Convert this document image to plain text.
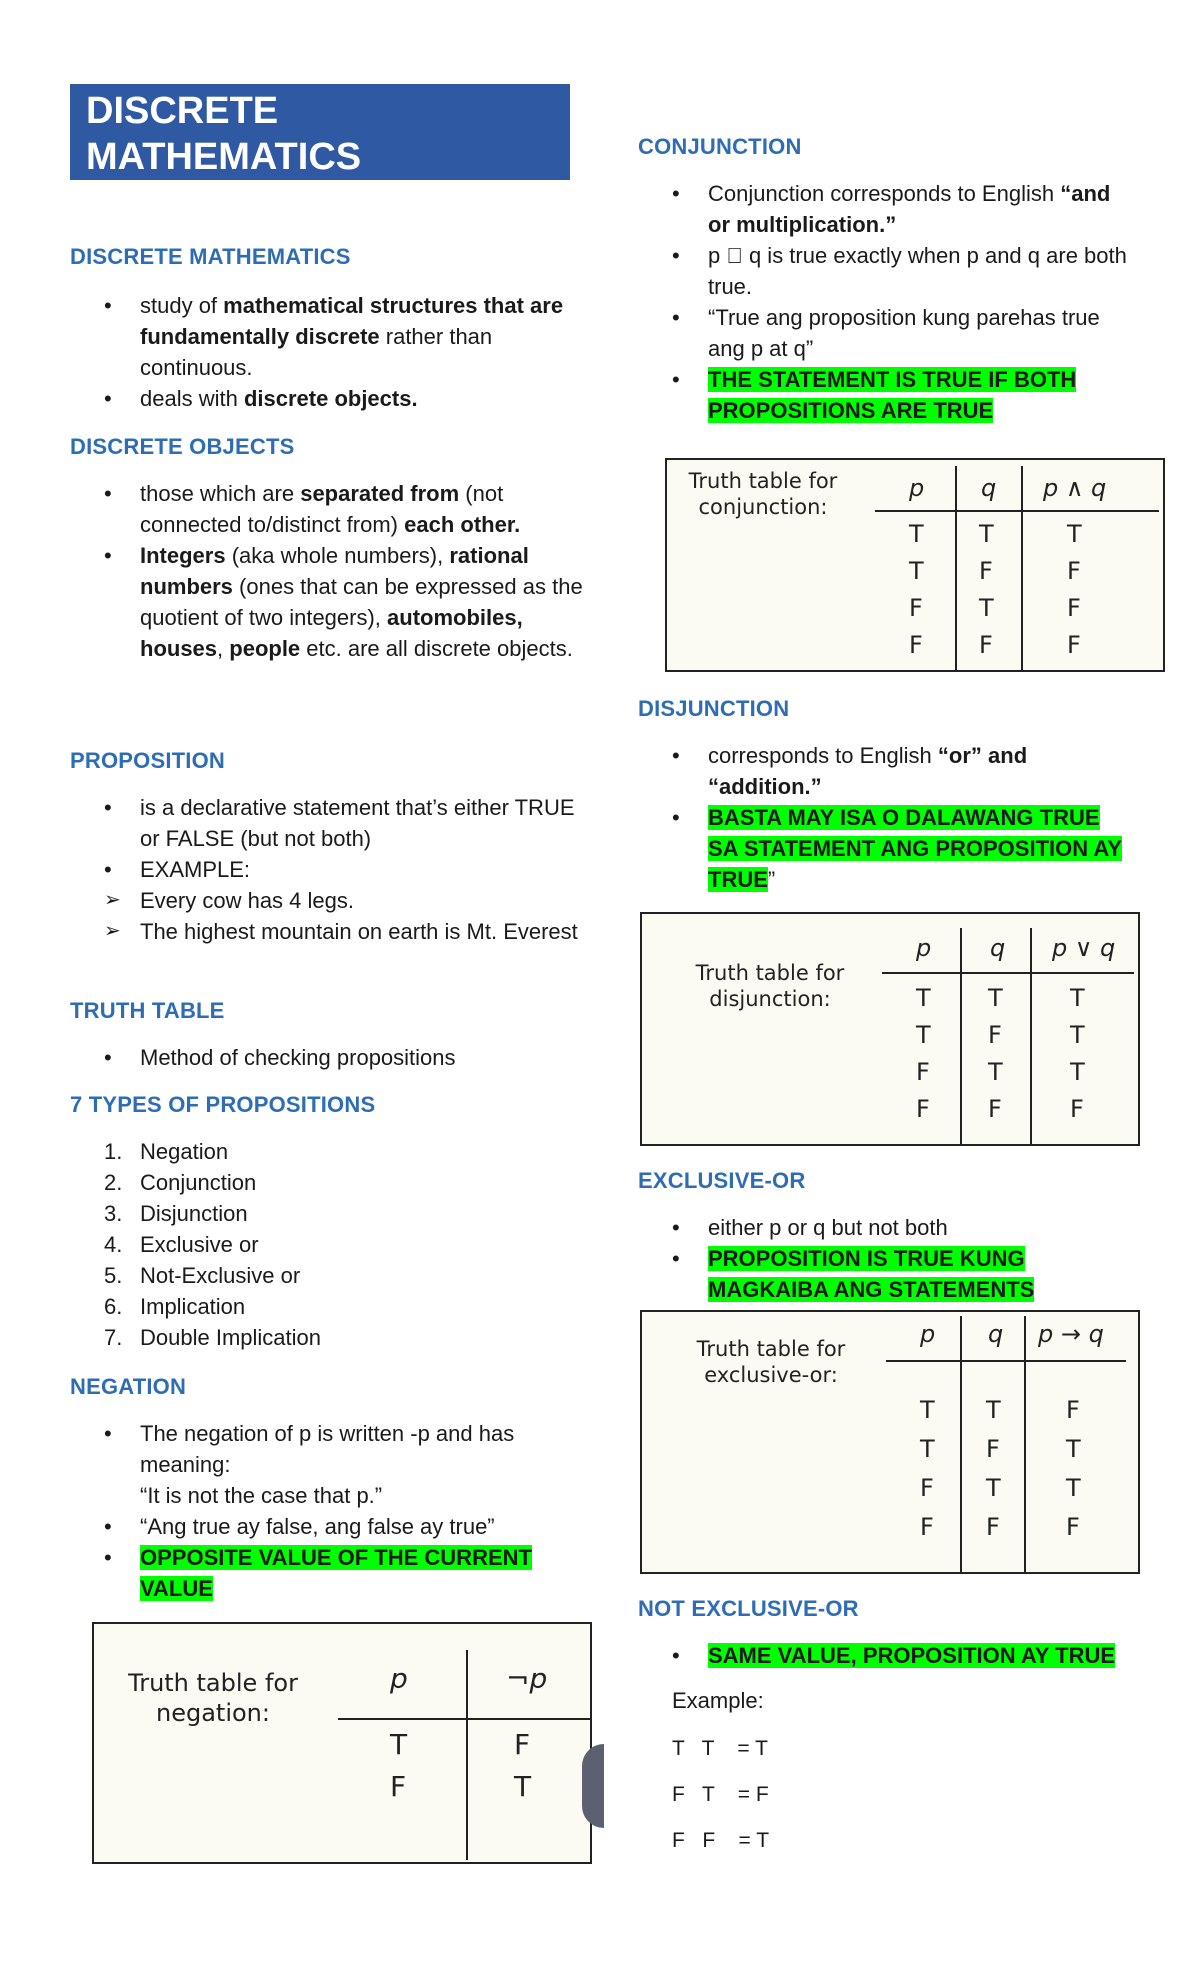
DISCRETE MATHEMATICS
REVIEWER
DISCRETE MATHEMATICS
• study of mathematical structures that are fundamentally discrete rather than continuous.
• deals with discrete objects.
DISCRETE OBJECTS
• those which are separated from (not connected to/distinct from) each other.
• Integers (aka whole numbers), rational numbers (ones that can be expressed as the quotient of two integers), automobiles, houses, people etc. are all discrete objects.
PROPOSITION
• is a declarative statement that’s either TRUE or FALSE (but not both)
• EXAMPLE:
➢ Every cow has 4 legs.
➢ The highest mountain on earth is Mt. Everest
TRUTH TABLE
• Method of checking propositions
7 TYPES OF PROPOSITIONS
1. Negation
2. Conjunction
3. Disjunction
4. Exclusive or
5. Not-Exclusive or
6. Implication
7. Double Implication
NEGATION
• The negation of p is written -p and has meaning:
“It is not the case that p.”
• “Ang true ay false, ang false ay true”
• OPPOSITE VALUE OF THE CURRENT
VALUE
Truth table for
negation:
p	¬p
T	F
F	T
CONJUNCTION
• Conjunction corresponds to English “and or multiplication.”
• p ⃞ q is true exactly when p and q are both true.
• “True ang proposition kung parehas true ang p at q”
• THE STATEMENT IS TRUE IF BOTH
PROPOSITIONS ARE TRUE
DISJUNCTION
• corresponds to English “or” and “addition.”
• BASTA MAY ISA O DALAWANG TRUE
SA STATEMENT ANG PROPOSITION AY
TRUE”
EXCLUSIVE-OR
• either p or q but not both
• PROPOSITION IS TRUE KUNG
MAGKAIBA ANG STATEMENTS
NOT EXCLUSIVE-OR
• SAME VALUE, PROPOSITION AY TRUE
Example:
T   T    = T
F   T    = F
F   F    = T
Truth table for
conjunction:
p q p ∧ q
T T	T
T F	F
F T	F
F F	F
Truth table for
disjunction:
p q p ∨ q
T T	T
T F	T
F T	T
F F	F
Truth table for
exclusive-or:
p q p → q
T T	F
T F	T
F T	T
F F	F
